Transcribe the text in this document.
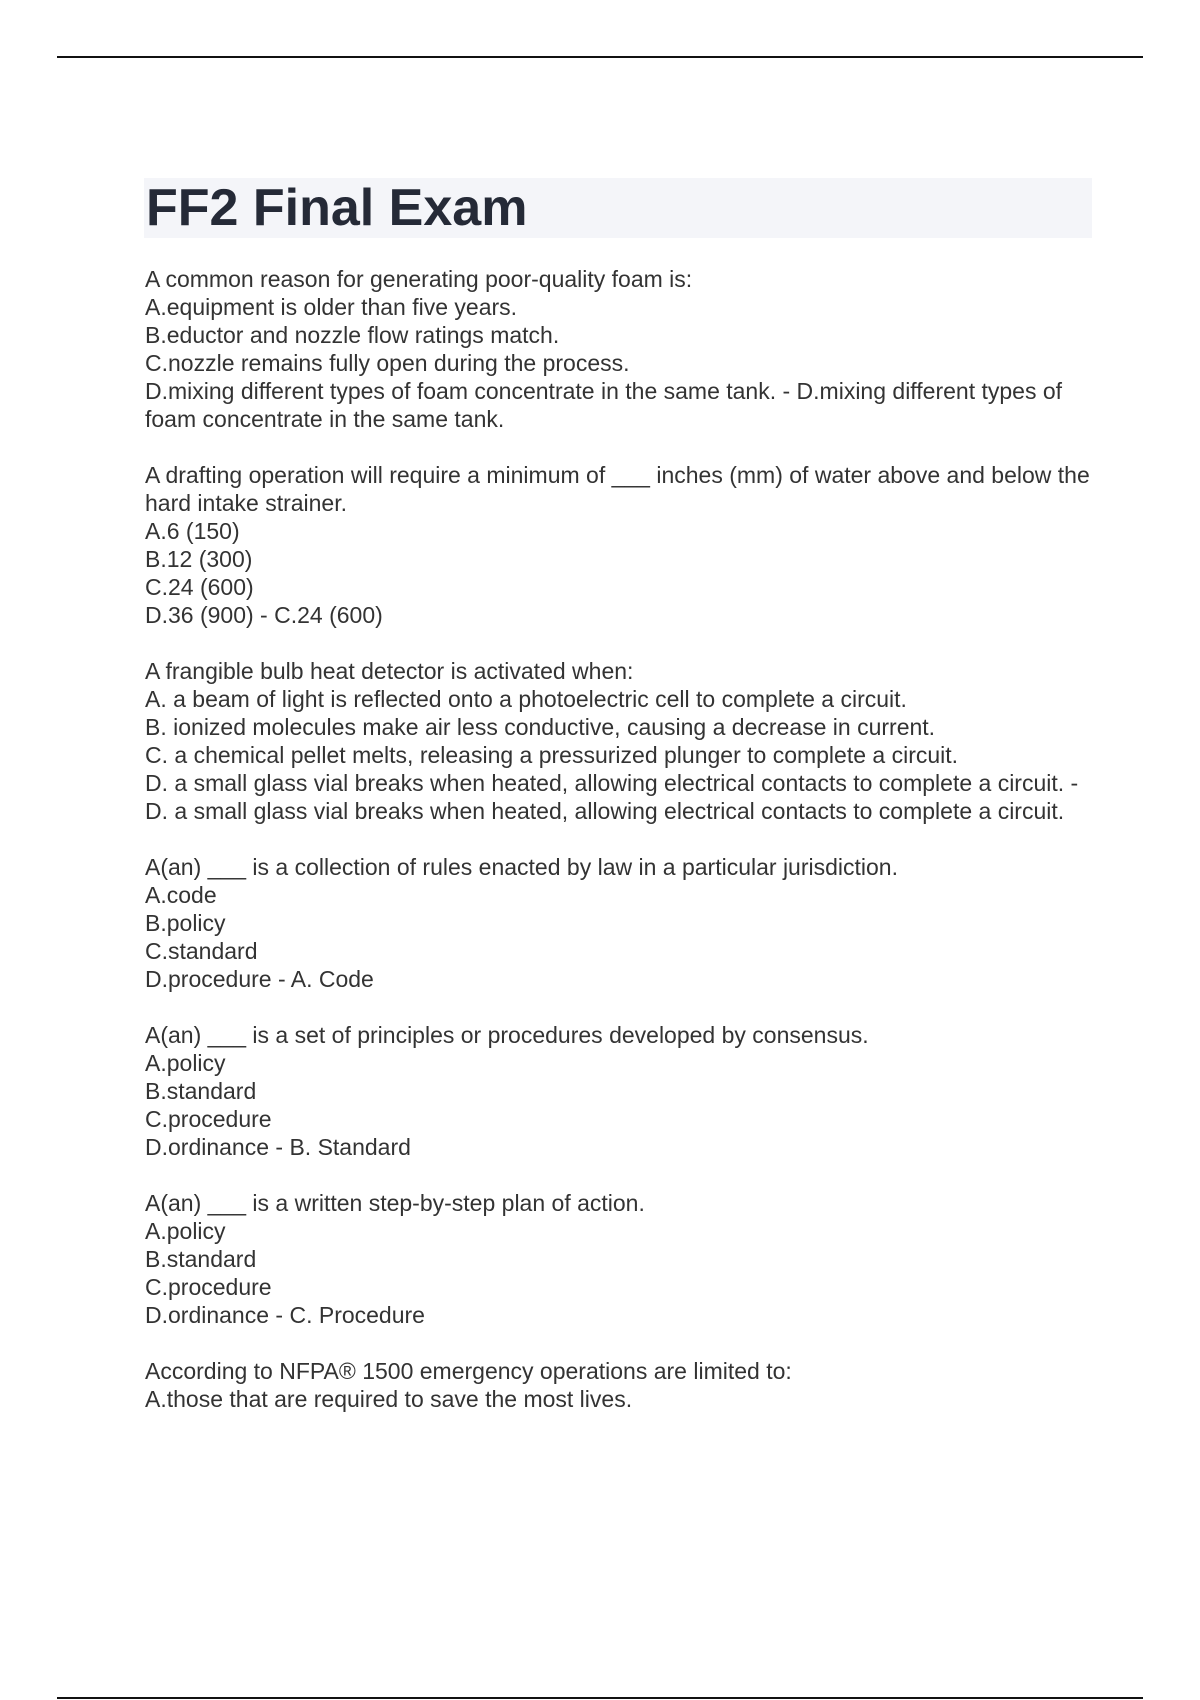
FF2 Final Exam
A common reason for generating poor-quality foam is:
A.equipment is older than five years.
B.eductor and nozzle flow ratings match.
C.nozzle remains fully open during the process.
D.mixing different types of foam concentrate in the same tank. - D.mixing different types of foam concentrate in the same tank.
A drafting operation will require a minimum of ___ inches (mm) of water above and below the hard intake strainer.
A.6 (150)
B.12 (300)
C.24 (600)
D.36 (900) - C.24 (600)
A frangible bulb heat detector is activated when:
A. a beam of light is reflected onto a photoelectric cell to complete a circuit.
B. ionized molecules make air less conductive, causing a decrease in current.
C. a chemical pellet melts, releasing a pressurized plunger to complete a circuit.
D. a small glass vial breaks when heated, allowing electrical contacts to complete a circuit. - D. a small glass vial breaks when heated, allowing electrical contacts to complete a circuit.
A(an) ___ is a collection of rules enacted by law in a particular jurisdiction.
A.code
B.policy
C.standard
D.procedure - A. Code
A(an) ___ is a set of principles or procedures developed by consensus.
A.policy
B.standard
C.procedure
D.ordinance - B. Standard
A(an) ___ is a written step-by-step plan of action.
A.policy
B.standard
C.procedure
D.ordinance - C. Procedure
According to NFPA® 1500 emergency operations are limited to:
A.those that are required to save the most lives.
